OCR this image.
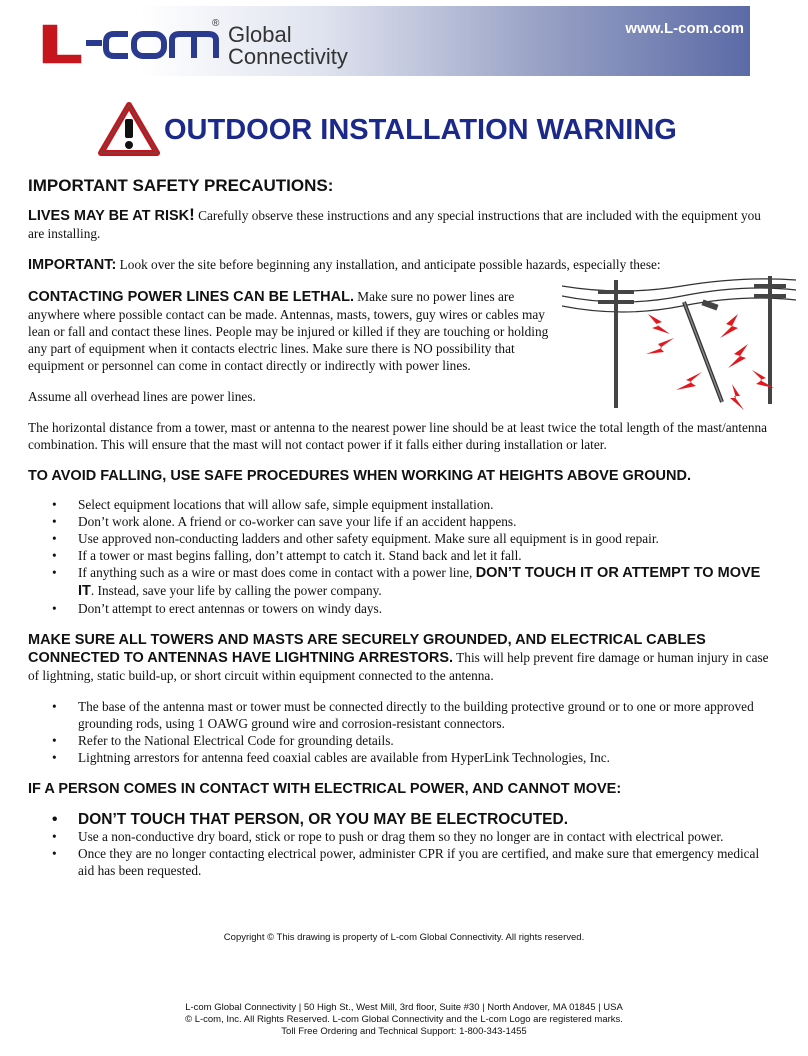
® Global
Connectivity
www.L-com.com
OUTDOOR INSTALLATION WARNING
IMPORTANT SAFETY PRECAUTIONS:

LIVES MAY BE AT RISK! Carefully observe these instructions and any special instructions that are included with the equipment you are installing.

IMPORTANT: Look over the site before beginning any installation, and anticipate possible hazards, especially these:

CONTACTING POWER LINES CAN BE LETHAL. Make sure no power lines are anywhere where possible contact can be made. Antennas, masts, towers, guy wires or cables may lean or fall and contact these lines. People may be injured or killed if they are touching or holding any part of equipment when it contacts electric lines. Make sure there is NO possibility that equipment or personnel can come in contact directly or indirectly with power lines.

Assume all overhead lines are power lines.

The horizontal distance from a tower, mast or antenna to the nearest power line should be at least twice the total length of the mast/antenna combination. This will ensure that the mast will not contact power if it falls either during installation or later.

TO AVOID FALLING, USE SAFE PROCEDURES WHEN WORKING AT HEIGHTS ABOVE GROUND.
• Select equipment locations that will allow safe, simple equipment installation.
• Don’t work alone. A friend or co-worker can save your life if an accident happens.
• Use approved non-conducting ladders and other safety equipment. Make sure all equipment is in good repair.
• If a tower or mast begins falling, don’t attempt to catch it. Stand back and let it fall.
• If anything such as a wire or mast does come in contact with a power line, DON’T TOUCH IT OR ATTEMPT TO MOVE IT. Instead, save your life by calling the power company.
• Don’t attempt to erect antennas or towers on windy days.

MAKE SURE ALL TOWERS AND MASTS ARE SECURELY GROUNDED, AND ELECTRICAL CABLES CONNECTED TO ANTENNAS HAVE LIGHTNING ARRESTORS. This will help prevent fire damage or human injury in case of lightning, static build-up, or short circuit within equipment connected to the antenna.

• The base of the antenna mast or tower must be connected directly to the building protective ground or to one or more approved grounding rods, using 1 OAWG ground wire and corrosion-resistant connectors.
• Refer to the National Electrical Code for grounding details.
• Lightning arrestors for antenna feed coaxial cables are available from HyperLink Technologies, Inc.
IF A PERSON COMES IN CONTACT WITH ELECTRICAL POWER, AND CANNOT MOVE:
• DON’T TOUCH THAT PERSON, OR YOU MAY BE ELECTROCUTED.
• Use a non-conductive dry board, stick or rope to push or drag them so they no longer are in contact with electrical power.
• Once they are no longer contacting electrical power, administer CPR if you are certified, and make sure that emergency medical aid has been requested.
Copyright © This drawing is property of L-com Global Connectivity. All rights reserved.
L-com Global Connectivity | 50 High St., West Mill, 3rd floor, Suite #30 | North Andover, MA 01845 | USA
© L-com, Inc. All Rights Reserved. L-com Global Connectivity and the L-com Logo are registered marks.
Toll Free Ordering and Technical Support: 1-800-343-1455
